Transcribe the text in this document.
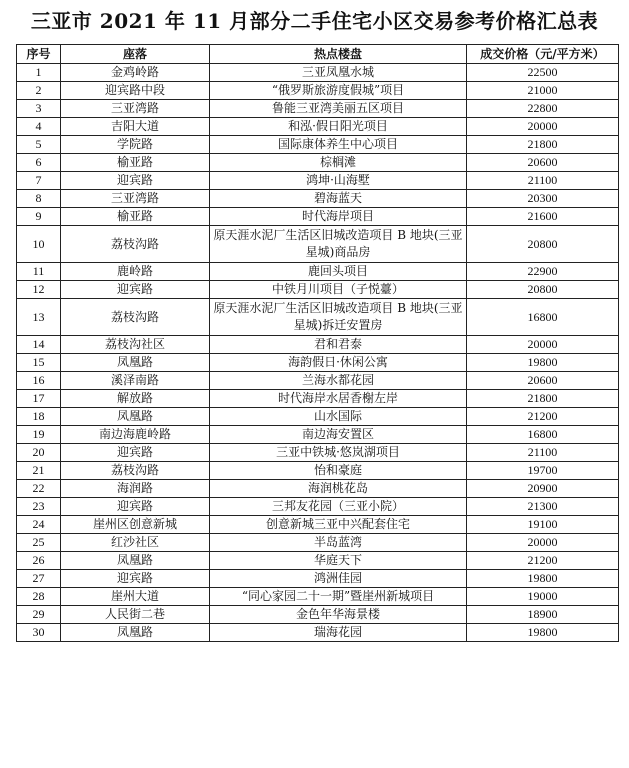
三亚市 2021 年 11 月部分二手住宅小区交易参考价格汇总表
序号	座落	热点楼盘	成交价格（元/平方米）
1	金鸡岭路	三亚凤凰水城	22500
2	迎宾路中段	“俄罗斯旅游度假城”项目	21000
3	三亚湾路	鲁能三亚湾美丽五区项目	22800
4	吉阳大道	和泓·假日阳光项目	20000
5	学院路	国际康体养生中心项目	21800
6	榆亚路	棕榈滩	20600
7	迎宾路	鸿坤·山海墅	21100
8	三亚湾路	碧海蓝天	20300
9	榆亚路	时代海岸项目	21600
10	荔枝沟路	原天涯水泥厂生活区旧城改造项目 B 地块(三亚星城)商品房	20800
11	鹿岭路	鹿回头项目	22900
12	迎宾路	中铁月川项目（子悦薹）	20800
13	荔枝沟路	原天涯水泥厂生活区旧城改造项目 B 地块(三亚星城)拆迁安置房	16800
14	荔枝沟社区	君和君泰	20000
15	凤凰路	海韵假日·休闲公寓	19800
16	溪泽南路	兰海水都花园	20600
17	解放路	时代海岸水居香榭左岸	21800
18	凤凰路	山水国际	21200
19	南边海鹿岭路	南边海安置区	16800
20	迎宾路	三亚中铁城·悠岚湖项目	21100
21	荔枝沟路	怡和豪庭	19700
22	海润路	海润桃花岛	20900
23	迎宾路	三邦友花园（三亚小院）	21300
24	崖州区创意新城	创意新城三亚中兴配套住宅	19100
25	红沙社区	半岛蓝湾	20000
26	凤凰路	华庭天下	21200
27	迎宾路	鸿洲佳园	19800
28	崖州大道	“同心家园二十一期”暨崖州新城项目	19000
29	人民街二巷	金色年华海景楼	18900
30	凤凰路	瑞海花园	19800
